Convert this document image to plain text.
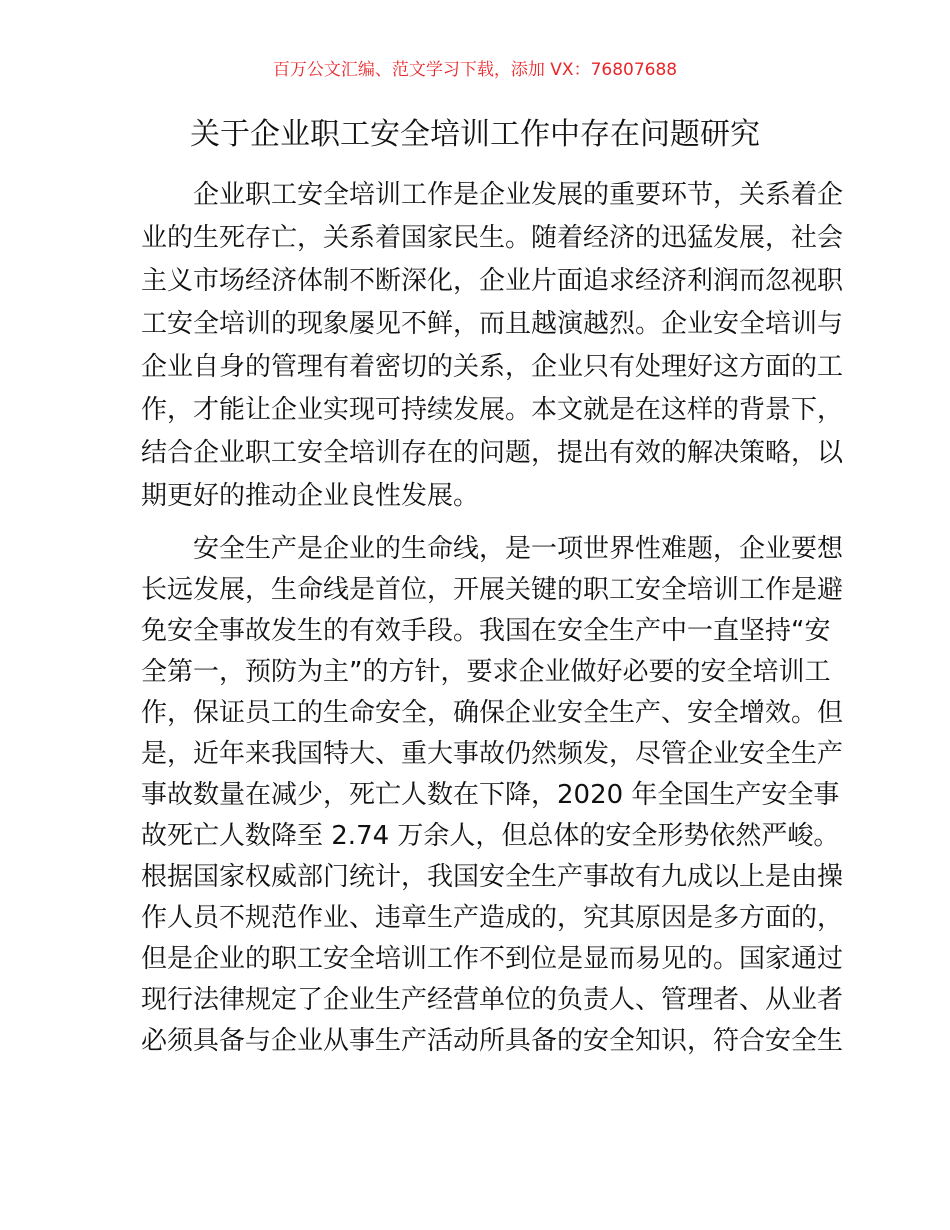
百万公文汇编、范文学习下载，添加 VX：76807688
关于企业职工安全培训工作中存在问题研究
企业职工安全培训工作是企业发展的重要环节，关系着企
业的生死存亡，关系着国家民生。随着经济的迅猛发展，社会
主义市场经济体制不断深化，企业片面追求经济利润而忽视职
工安全培训的现象屡见不鲜，而且越演越烈。企业安全培训与
企业自身的管理有着密切的关系，企业只有处理好这方面的工
作，才能让企业实现可持续发展。本文就是在这样的背景下，
结合企业职工安全培训存在的问题，提出有效的解决策略，以
期更好的推动企业良性发展。
安全生产是企业的生命线，是一项世界性难题，企业要想
长远发展，生命线是首位，开展关键的职工安全培训工作是避
免安全事故发生的有效手段。我国在安全生产中一直坚持“安
全第一，预防为主”的方针，要求企业做好必要的安全培训工
作，保证员工的生命安全，确保企业安全生产、安全增效。但
是，近年来我国特大、重大事故仍然频发，尽管企业安全生产
事故数量在减少，死亡人数在下降，2020 年全国生产安全事
故死亡人数降至 2.74 万余人，但总体的安全形势依然严峻。
根据国家权威部门统计，我国安全生产事故有九成以上是由操
作人员不规范作业、违章生产造成的，究其原因是多方面的，
但是企业的职工安全培训工作不到位是显而易见的。国家通过
现行法律规定了企业生产经营单位的负责人、管理者、从业者
必须具备与企业从事生产活动所具备的安全知识，符合安全生
